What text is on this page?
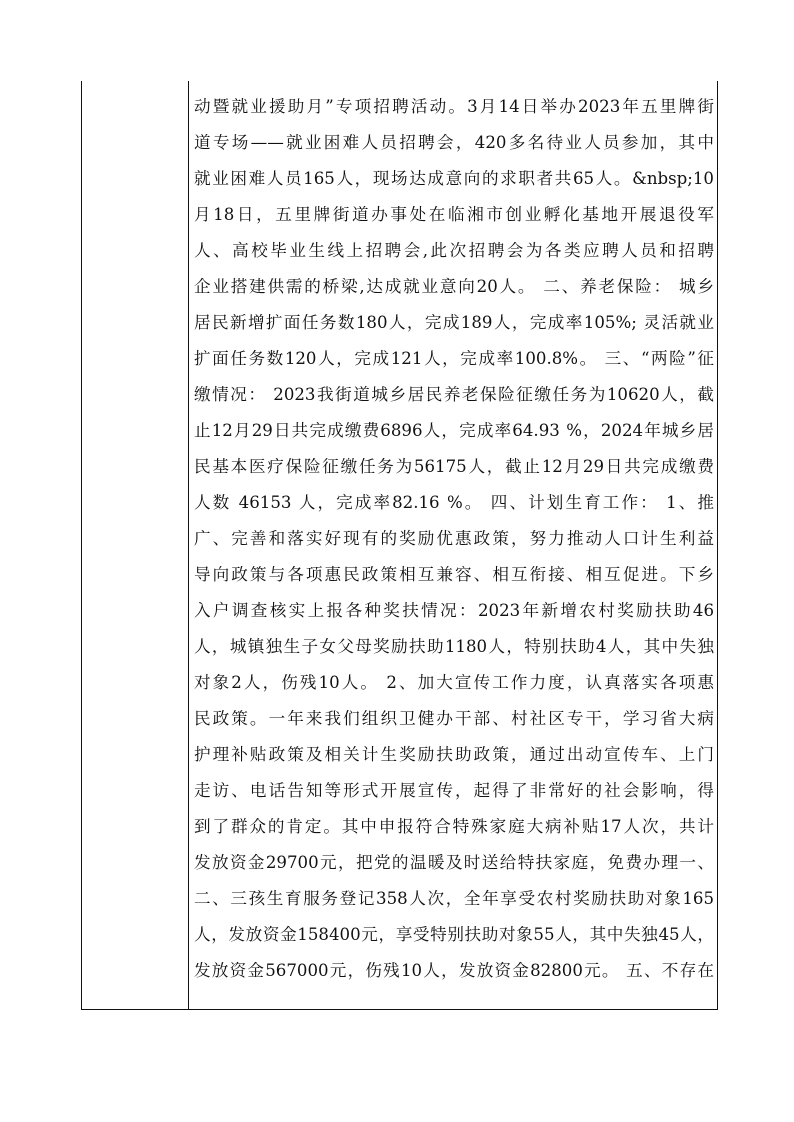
动暨就业援助月”专项招聘活动。3月14日举办2023年五里牌街
道专场——就业困难人员招聘会，420多名待业人员参加，其中
就业困难人员165人，现场达成意向的求职者共65人。&nbsp;10
月18日，五里牌街道办事处在临湘市创业孵化基地开展退役军
人、高校毕业生线上招聘会,此次招聘会为各类应聘人员和招聘
企业搭建供需的桥梁,达成就业意向20人。 二、养老保险： 城乡
居民新增扩面任务数180人，完成189人，完成率105%; 灵活就业
扩面任务数120人，完成121人，完成率100.8%。 三、“两险”征
缴情况： 2023我街道城乡居民养老保险征缴任务为10620人，截
止12月29日共完成缴费6896人，完成率64.93 %，2024年城乡居
民基本医疗保险征缴任务为56175人，截止12月29日共完成缴费
人数 46153 人，完成率82.16 %。 四、计划生育工作： 1、推
广、完善和落实好现有的奖励优惠政策，努力推动人口计生利益
导向政策与各项惠民政策相互兼容、相互衔接、相互促进。下乡
入户调查核实上报各种奖扶情况：2023年新增农村奖励扶助46
人，城镇独生子女父母奖励扶助1180人，特别扶助4人，其中失独
对象2人，伤残10人。 2、加大宣传工作力度，认真落实各项惠
民政策。一年来我们组织卫健办干部、村社区专干，学习省大病
护理补贴政策及相关计生奖励扶助政策，通过出动宣传车、上门
走访、电话告知等形式开展宣传，起得了非常好的社会影响，得
到了群众的肯定。其中申报符合特殊家庭大病补贴17人次，共计
发放资金29700元，把党的温暖及时送给特扶家庭，免费办理一、
二、三孩生育服务登记358人次，全年享受农村奖励扶助对象165
人，发放资金158400元，享受特别扶助对象55人，其中失独45人，
发放资金567000元，伤残10人，发放资金82800元。 五、不存在
